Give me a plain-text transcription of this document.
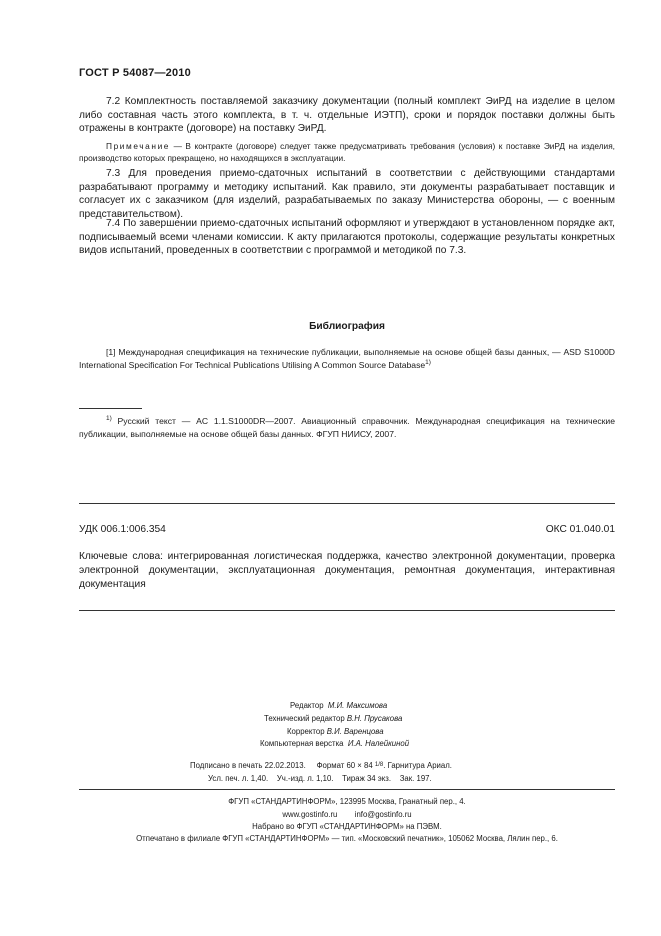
ГОСТ Р 54087—2010
7.2 Комплектность поставляемой заказчику документации (полный комплект ЭиРД на изделие в целом либо составная часть этого комплекта, в т. ч. отдельные ИЭТП), сроки и порядок поставки должны быть отражены в контракте (договоре) на поставку ЭиРД.
Примечание — В контракте (договоре) следует также предусматривать требования (условия) к поставке ЭиРД на изделия, производство которых прекращено, но находящихся в эксплуатации.
7.3 Для проведения приемо-сдаточных испытаний в соответствии с действующими стандартами разрабатывают программу и методику испытаний. Как правило, эти документы разрабатывает поставщик и согласует их с заказчиком (для изделий, разрабатываемых по заказу Министерства обороны, — с военным представительством).
7.4 По завершении приемо-сдаточных испытаний оформляют и утверждают в установленном порядке акт, подписываемый всеми членами комиссии. К акту прилагаются протоколы, содержащие результаты конкретных видов испытаний, проведенных в соответствии с программой и методикой по 7.3.
Библиография
[1] Международная спецификация на технические публикации, выполняемые на основе общей базы данных, — ASD S1000D International Specification For Technical Publications Utilising A Common Source Database$^{1)}$
$^{1)}$ Русский текст — AC 1.1.S1000DR—2007. Авиационный справочник. Международная спецификация на технические публикации, выполняемые на основе общей базы данных. ФГУП НИИСУ, 2007.
УДК 006.1:006.354	ОКС 01.040.01
Ключевые слова: интегрированная логистическая поддержка, качество электронной документации, проверка электронной документации, эксплуатационная документация, ремонтная документация, интерактивная документация
Редактор М.И. Максимова
Технический редактор В.Н. Прусакова
Корректор В.И. Варенцова
Компьютерная верстка И.А. Налейкиной
Подписано в печать 22.02.2013. Формат 60 × 84 1/8. Гарнитура Ариал.
Усл. печ. л. 1,40. Уч.-изд. л. 1,10. Тираж 34 экз. Зак. 197.
ФГУП «СТАНДАРТИНФОРМ», 123995 Москва, Гранатный пер., 4.
www.gostinfo.ru info@gostinfo.ru
Набрано во ФГУП «СТАНДАРТИНФОРМ» на ПЭВМ.
Отпечатано в филиале ФГУП «СТАНДАРТИНФОРМ» — тип. «Московский печатник», 105062 Москва, Лялин пер., 6.
